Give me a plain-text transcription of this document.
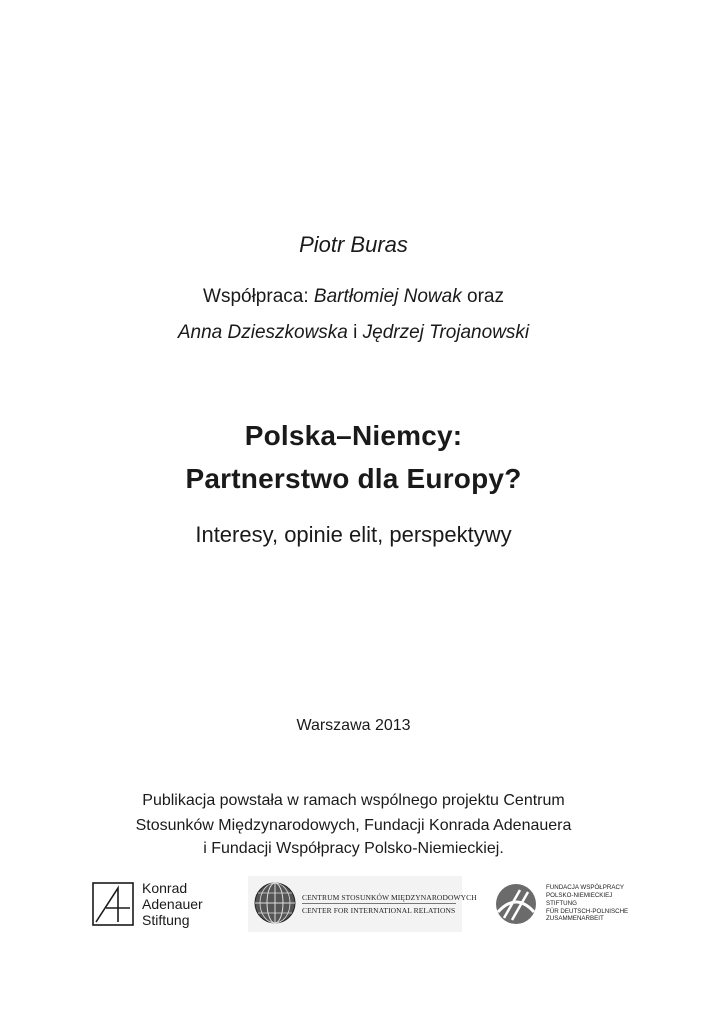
Piotr Buras
Współpraca: Bartłomiej Nowak oraz
Anna Dzieszkowska i Jędrzej Trojanowski
Polska–Niemcy:
Partnerstwo dla Europy?
Interesy, opinie elit, perspektywy
Warszawa 2013
Publikacja powstała w ramach wspólnego projektu Centrum
Stosunków Międzynarodowych, Fundacji Konrada Adenauera
i Fundacji Współpracy Polsko-Niemieckiej.
Konrad
Adenauer
Stiftung
CENTRUM STOSUNKÓW MIĘDZYNARODOWYCH
CENTER FOR INTERNATIONAL RELATIONS
FUNDACJA WSPÓŁPRACY
POLSKO-NIEMIECKIEJ
STIFTUNG
FÜR DEUTSCH-POLNISCHE
ZUSAMMENARBEIT
